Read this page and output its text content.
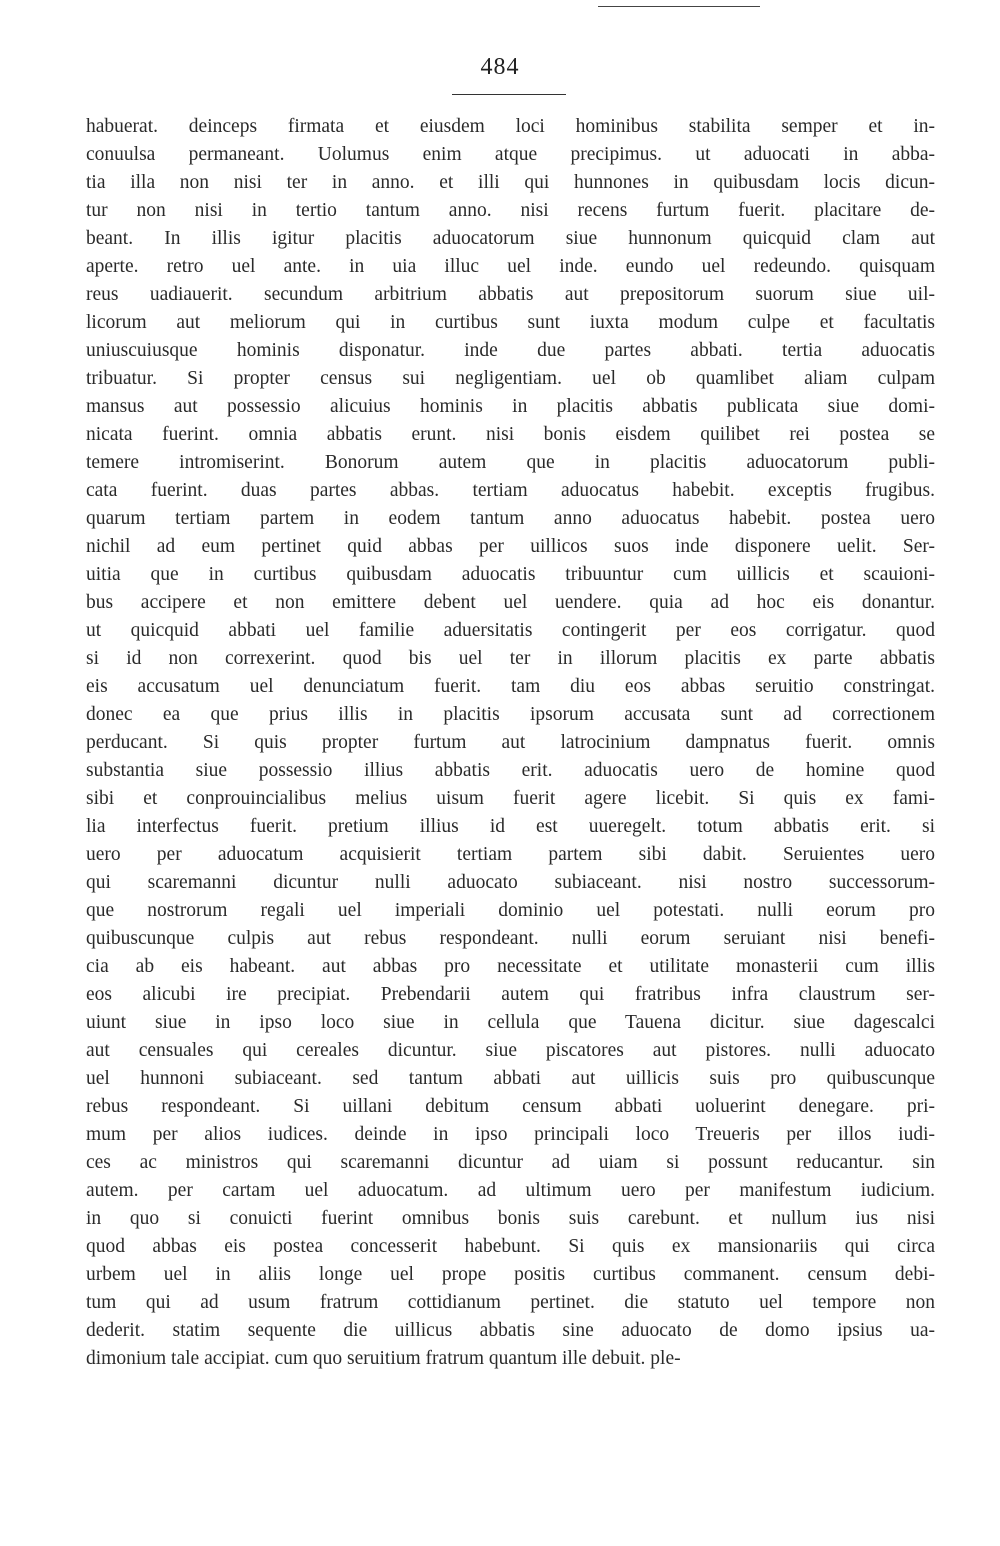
484
habuerat. deinceps firmata et eiusdem loci hominibus stabilita semper et in-
conuulsa permaneant. Uolumus enim atque precipimus. ut aduocati in abba-
tia illa non nisi ter in anno. et illi qui hunnones in quibusdam locis dicun-
tur non nisi in tertio tantum anno. nisi recens furtum fuerit. placitare de-
beant. In illis igitur placitis aduocatorum siue hunnonum quicquid clam aut
aperte. retro uel ante. in uia illuc uel inde. eundo uel redeundo. quisquam
reus uadiauerit. secundum arbitrium abbatis aut prepositorum suorum siue uil-
licorum aut meliorum qui in curtibus sunt iuxta modum culpe et facultatis
uniuscuiusque hominis disponatur. inde due partes abbati. tertia aduocatis
tribuatur. Si propter census sui negligentiam. uel ob quamlibet aliam culpam
mansus aut possessio alicuius hominis in placitis abbatis publicata siue domi-
nicata fuerint. omnia abbatis erunt. nisi bonis eisdem quilibet rei postea se
temere intromiserint. Bonorum autem que in placitis aduocatorum publi-
cata fuerint. duas partes abbas. tertiam aduocatus habebit. exceptis frugibus.
quarum tertiam partem in eodem tantum anno aduocatus habebit. postea uero
nichil ad eum pertinet quid abbas per uillicos suos inde disponere uelit. Ser-
uitia que in curtibus quibusdam aduocatis tribuuntur cum uillicis et scauioni-
bus accipere et non emittere debent uel uendere. quia ad hoc eis donantur.
ut quicquid abbati uel familie aduersitatis contingerit per eos corrigatur. quod
si id non correxerint. quod bis uel ter in illorum placitis ex parte abbatis
eis accusatum uel denunciatum fuerit. tam diu eos abbas seruitio constringat.
donec ea que prius illis in placitis ipsorum accusata sunt ad correctionem
perducant. Si quis propter furtum aut latrocinium dampnatus fuerit. omnis
substantia siue possessio illius abbatis erit. aduocatis uero de homine quod
sibi et conprouincialibus melius uisum fuerit agere licebit. Si quis ex fami-
lia interfectus fuerit. pretium illius id est uueregelt. totum abbatis erit. si
uero per aduocatum acquisierit tertiam partem sibi dabit. Seruientes uero
qui scaremanni dicuntur nulli aduocato subiaceant. nisi nostro successorum-
que nostrorum regali uel imperiali dominio uel potestati. nulli eorum pro
quibuscunque culpis aut rebus respondeant. nulli eorum seruiant nisi benefi-
cia ab eis habeant. aut abbas pro necessitate et utilitate monasterii cum illis
eos alicubi ire precipiat. Prebendarii autem qui fratribus infra claustrum ser-
uiunt siue in ipso loco siue in cellula que Tauena dicitur. siue dagescalci
aut censuales qui cereales dicuntur. siue piscatores aut pistores. nulli aduocato
uel hunnoni subiaceant. sed tantum abbati aut uillicis suis pro quibuscunque
rebus respondeant. Si uillani debitum censum abbati uoluerint denegare. pri-
mum per alios iudices. deinde in ipso principali loco Treueris per illos iudi-
ces ac ministros qui scaremanni dicuntur ad uiam si possunt reducantur. sin
autem. per cartam uel aduocatum. ad ultimum uero per manifestum iudicium.
in quo si conuicti fuerint omnibus bonis suis carebunt. et nullum ius nisi
quod abbas eis postea concesserit habebunt. Si quis ex mansionariis qui circa
urbem uel in aliis longe uel prope positis curtibus commanent. censum debi-
tum qui ad usum fratrum cottidianum pertinet. die statuto uel tempore non
dederit. statim sequente die uillicus abbatis sine aduocato de domo ipsius ua-
dimonium tale accipiat. cum quo seruitium fratrum quantum ille debuit. ple-
